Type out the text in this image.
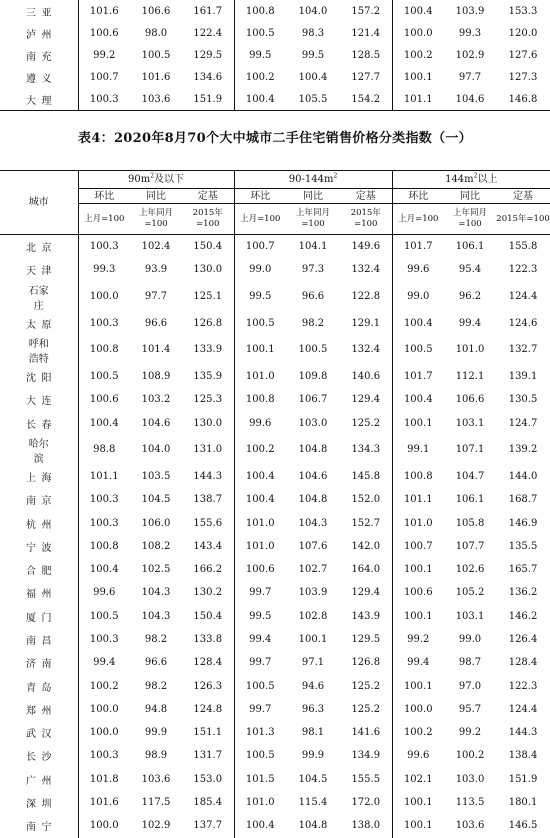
三 亚	101.6	106.6	161.7	100.8	104.0	157.2	100.4	103.9	153.3

泸 州	100.6	98.0	122.4	100.5	98.3	121.4	100.0	99.3	120.0

南 充	99.2	100.5	129.5	99.5	99.5	128.5	100.2	102.9	127.6

遵 义	100.7	101.6	134.6	100.2	100.4	127.7	100.1	97.7	127.3

大 理	100.3	103.6	151.9	100.4	105.5	154.2	101.1	104.6	146.8
表4：2020年8月70个大中城市二手住宅销售价格分类指数（一）
城市	$90m^2$及以下			$90-144m^2$			$144m^2$以上		
	环比	同比	定基	环比	同比	定基	环比	同比	定基
	上月=100	上年同月=100	2015年=100	上月=100	上年同月=100	2015年=100	上月=100	上年同月=100	2015年=100

北 京	100.3	102.4	150.4	100.7	104.1	149.6	101.7	106.1	155.8

天 津	99.3	93.9	130.0	99.0	97.3	132.4	99.6	95.4	122.3

石家庄	100.0	97.7	125.1	99.5	96.6	122.8	99.0	96.2	124.4

太 原	100.3	96.6	126.8	100.5	98.2	129.1	100.4	99.4	124.6

呼和浩特	100.8	101.4	133.9	100.1	100.5	132.4	100.5	101.0	132.7

沈 阳	100.5	108.9	135.9	101.0	109.8	140.6	101.7	112.1	139.1

大 连	100.6	103.2	125.3	100.8	106.7	129.4	100.4	106.6	130.5

长 春	100.4	104.6	130.0	99.6	103.0	125.2	100.1	103.1	124.7

哈尔滨	98.8	104.0	131.0	100.2	104.8	134.3	99.1	107.1	139.2

上 海	101.1	103.5	144.3	100.4	104.6	145.8	100.8	104.7	144.0

南 京	100.3	104.5	138.7	100.4	104.8	152.0	101.1	106.1	168.7

杭 州	100.3	106.0	155.6	101.0	104.3	152.7	101.0	105.8	146.9

宁 波	100.8	108.2	143.4	101.0	107.6	142.0	100.7	107.7	135.5

合 肥	100.4	102.5	166.2	100.6	102.7	164.0	100.1	102.6	165.7

福 州	99.6	104.3	130.2	99.7	103.9	129.4	100.6	105.2	136.2

厦 门	100.5	104.3	150.4	99.5	102.8	143.9	100.1	103.1	146.2

南 昌	100.3	98.2	133.8	99.4	100.1	129.5	99.2	99.0	126.4

济 南	99.4	96.6	128.4	99.7	97.1	126.8	99.4	98.7	128.4

青 岛	100.2	98.2	126.3	100.5	94.6	125.2	100.1	97.0	122.3

郑 州	100.0	94.8	124.8	99.7	96.3	125.2	100.0	95.7	124.4

武 汉	100.0	99.9	151.1	101.3	98.1	141.6	100.2	99.2	144.3

长 沙	100.3	98.9	131.7	100.5	99.9	134.9	99.6	100.2	138.4

广 州	101.8	103.6	153.0	101.5	104.5	155.5	102.1	103.0	151.9

深 圳	101.6	117.5	185.4	101.0	115.4	172.0	100.1	113.5	180.1

南 宁	100.0	102.9	137.7	100.4	104.8	138.0	100.1	103.6	146.5
